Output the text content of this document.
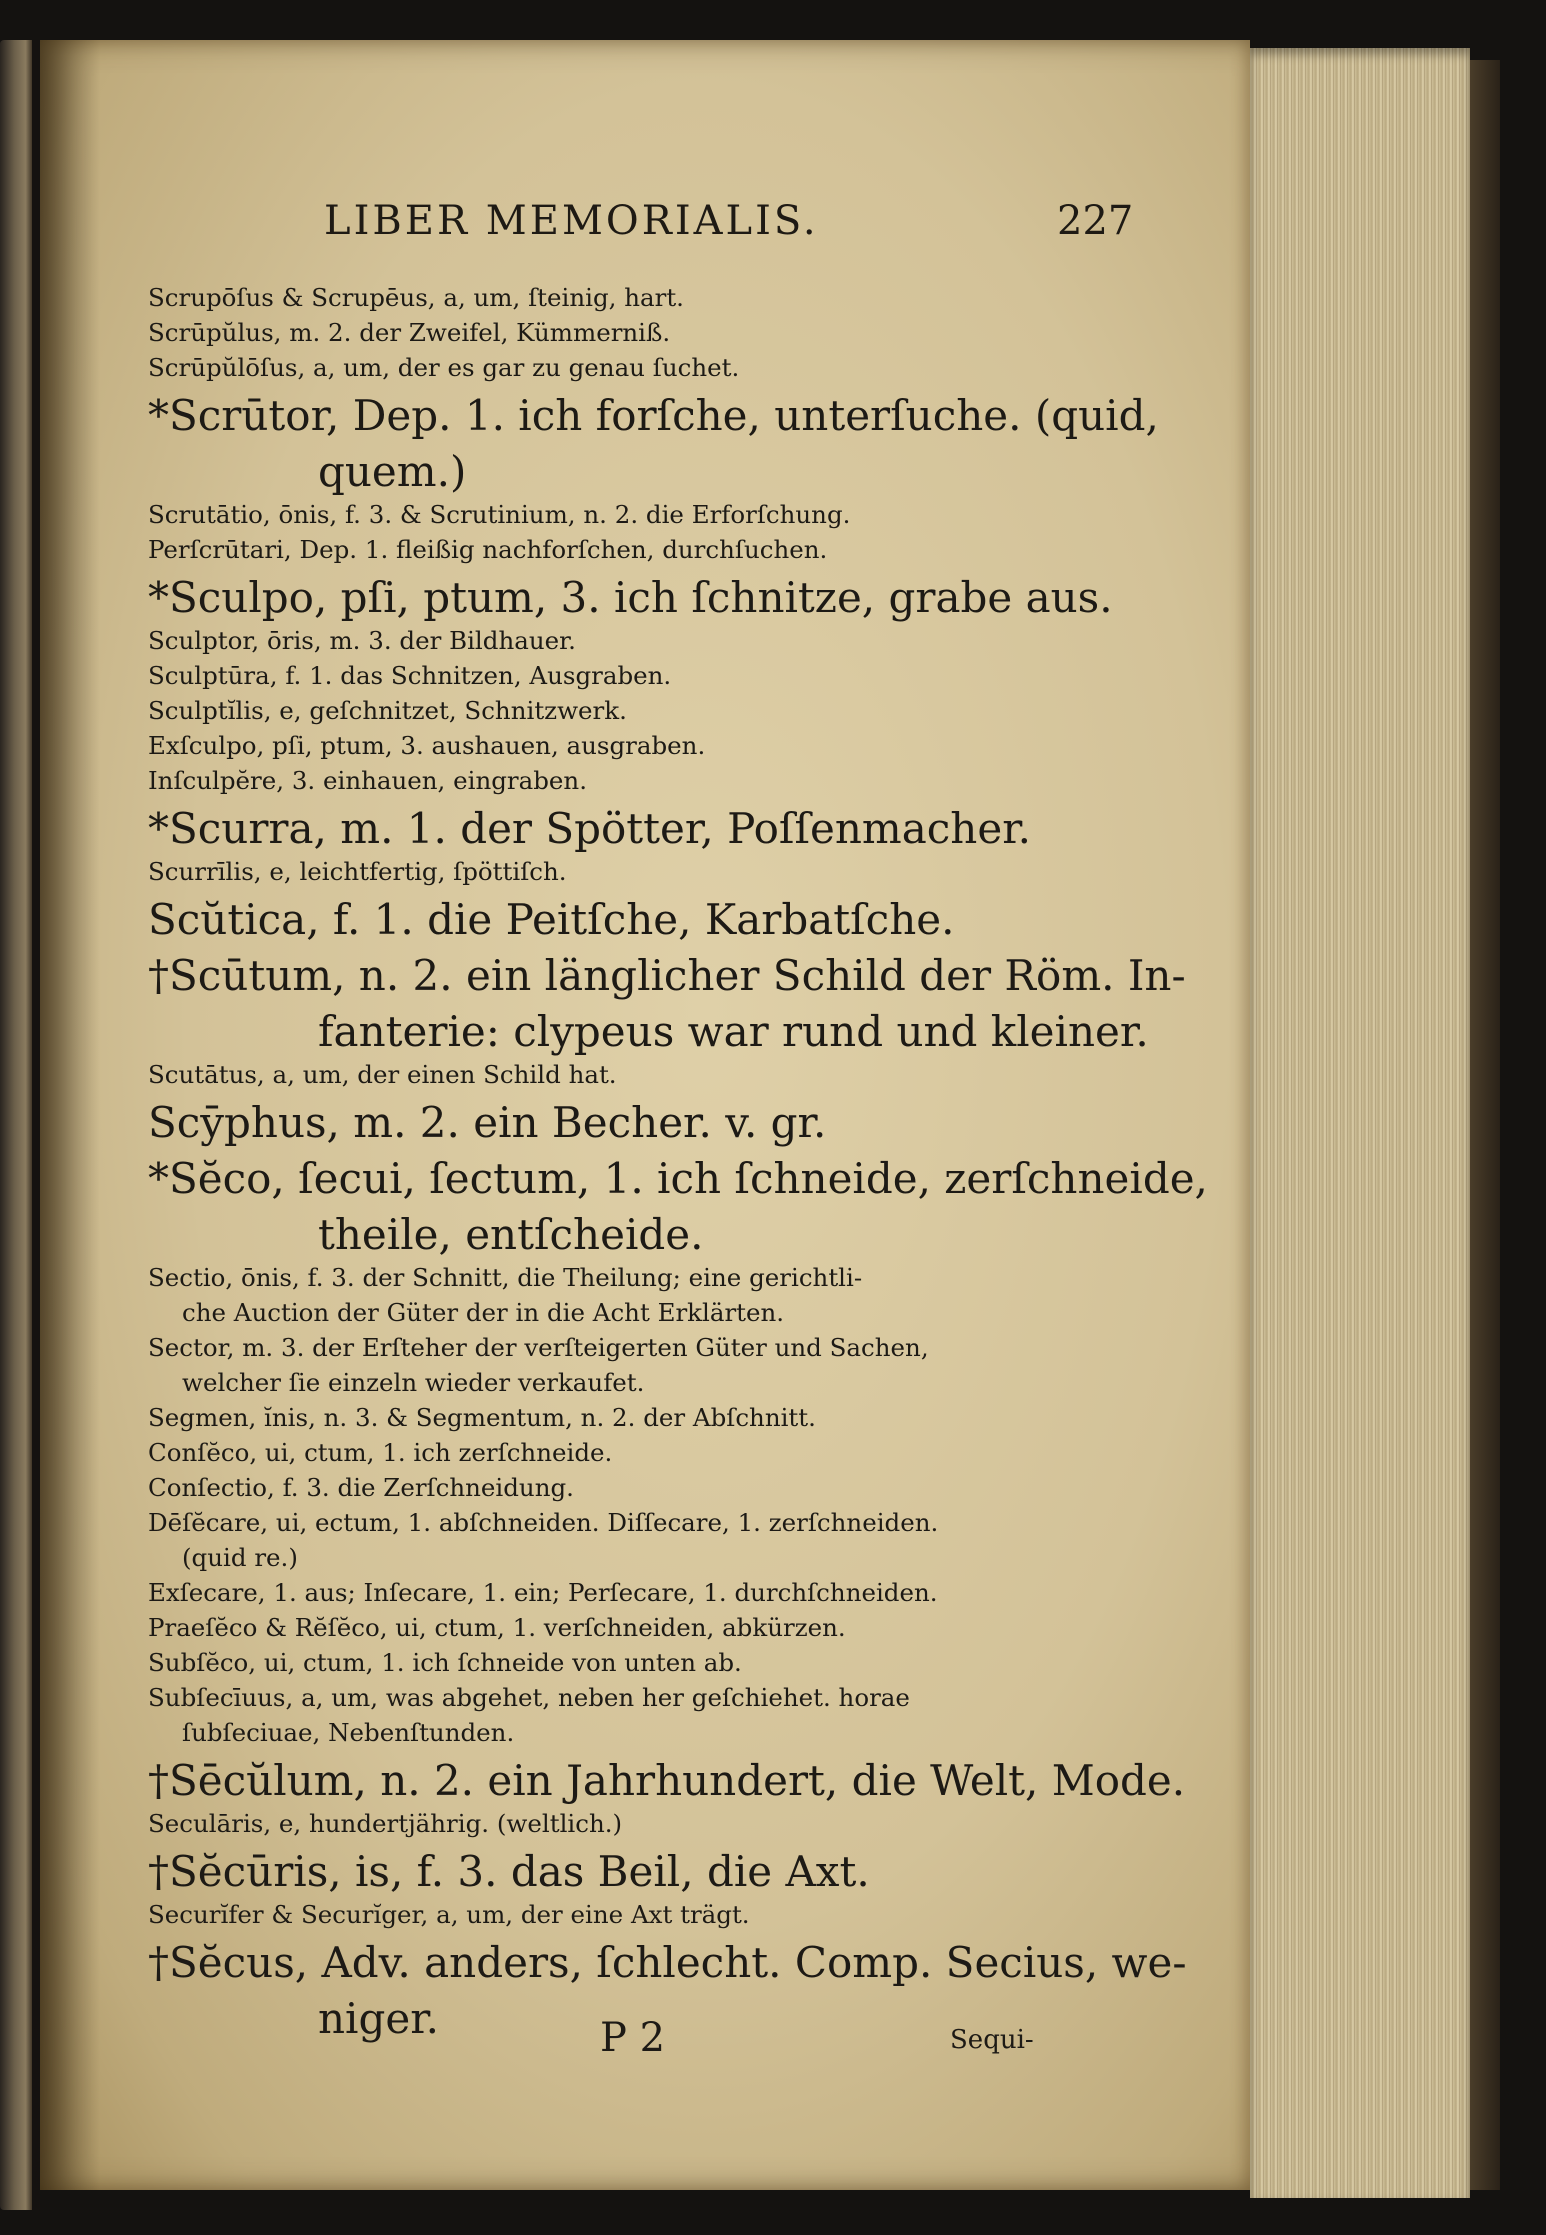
LIBER MEMORIALIS.	227
Scrupōſus & Scrupēus, a, um, ſteinig, hart.
Scrūpŭlus, m. 2. der Zweifel, Kümmerniß.
Scrūpŭlōſus, a, um, der es gar zu genau ſuchet.
*Scrūtor, Dep. 1. ich forſche, unterſuche. (quid,
quem.)
Scrutātio, ōnis, f. 3. & Scrutinium, n. 2. die Erforſchung.
Perſcrūtari, Dep. 1. fleißig nachforſchen, durchſuchen.
*Sculpo, pſi, ptum, 3. ich ſchnitze, grabe aus.
Sculptor, ōris, m. 3. der Bildhauer.
Sculptūra, f. 1. das Schnitzen, Ausgraben.
Sculptĭlis, e, geſchnitzet, Schnitzwerk.
Exſculpo, pſi, ptum, 3. aushauen, ausgraben.
Inſculpĕre, 3. einhauen, eingraben.
*Scurra, m. 1. der Spötter, Poſſenmacher.
Scurrīlis, e, leichtfertig, ſpöttiſch.
Scŭtica, f. 1. die Peitſche, Karbatſche.
†Scūtum, n. 2. ein länglicher Schild der Röm. In-
fanterie: clypeus war rund und kleiner.
Scutātus, a, um, der einen Schild hat.
Scȳphus, m. 2. ein Becher. v. gr.
*Sĕco, ſecui, ſectum, 1. ich ſchneide, zerſchneide,
theile, entſcheide.
Sectio, ōnis, f. 3. der Schnitt, die Theilung; eine gerichtli-
che Auction der Güter der in die Acht Erklärten.
Sector, m. 3. der Erſteher der verſteigerten Güter und Sachen,
welcher ſie einzeln wieder verkaufet.
Segmen, ĭnis, n. 3. & Segmentum, n. 2. der Abſchnitt.
Conſĕco, ui, ctum, 1. ich zerſchneide.
Conſectio, f. 3. die Zerſchneidung.
Dēſĕcare, ui, ectum, 1. abſchneiden. Diſſecare, 1. zerſchneiden.
(quid re.)
Exſecare, 1. aus; Inſecare, 1. ein; Perſecare, 1. durchſchneiden.
Praeſĕco & Rĕſĕco, ui, ctum, 1. verſchneiden, abkürzen.
Subſĕco, ui, ctum, 1. ich ſchneide von unten ab.
Subſecīuus, a, um, was abgehet, neben her geſchiehet. horae
ſubſeciuae, Nebenſtunden.
†Sēcŭlum, n. 2. ein Jahrhundert, die Welt, Mode.
Seculāris, e, hundertjährig. (weltlich.)
†Sĕcūris, is, f. 3. das Beil, die Axt.
Securĭfer & Securĭger, a, um, der eine Axt trägt.
†Sĕcus, Adv. anders, ſchlecht. Comp. Secius, we-
niger.	P 2	Sequi-
